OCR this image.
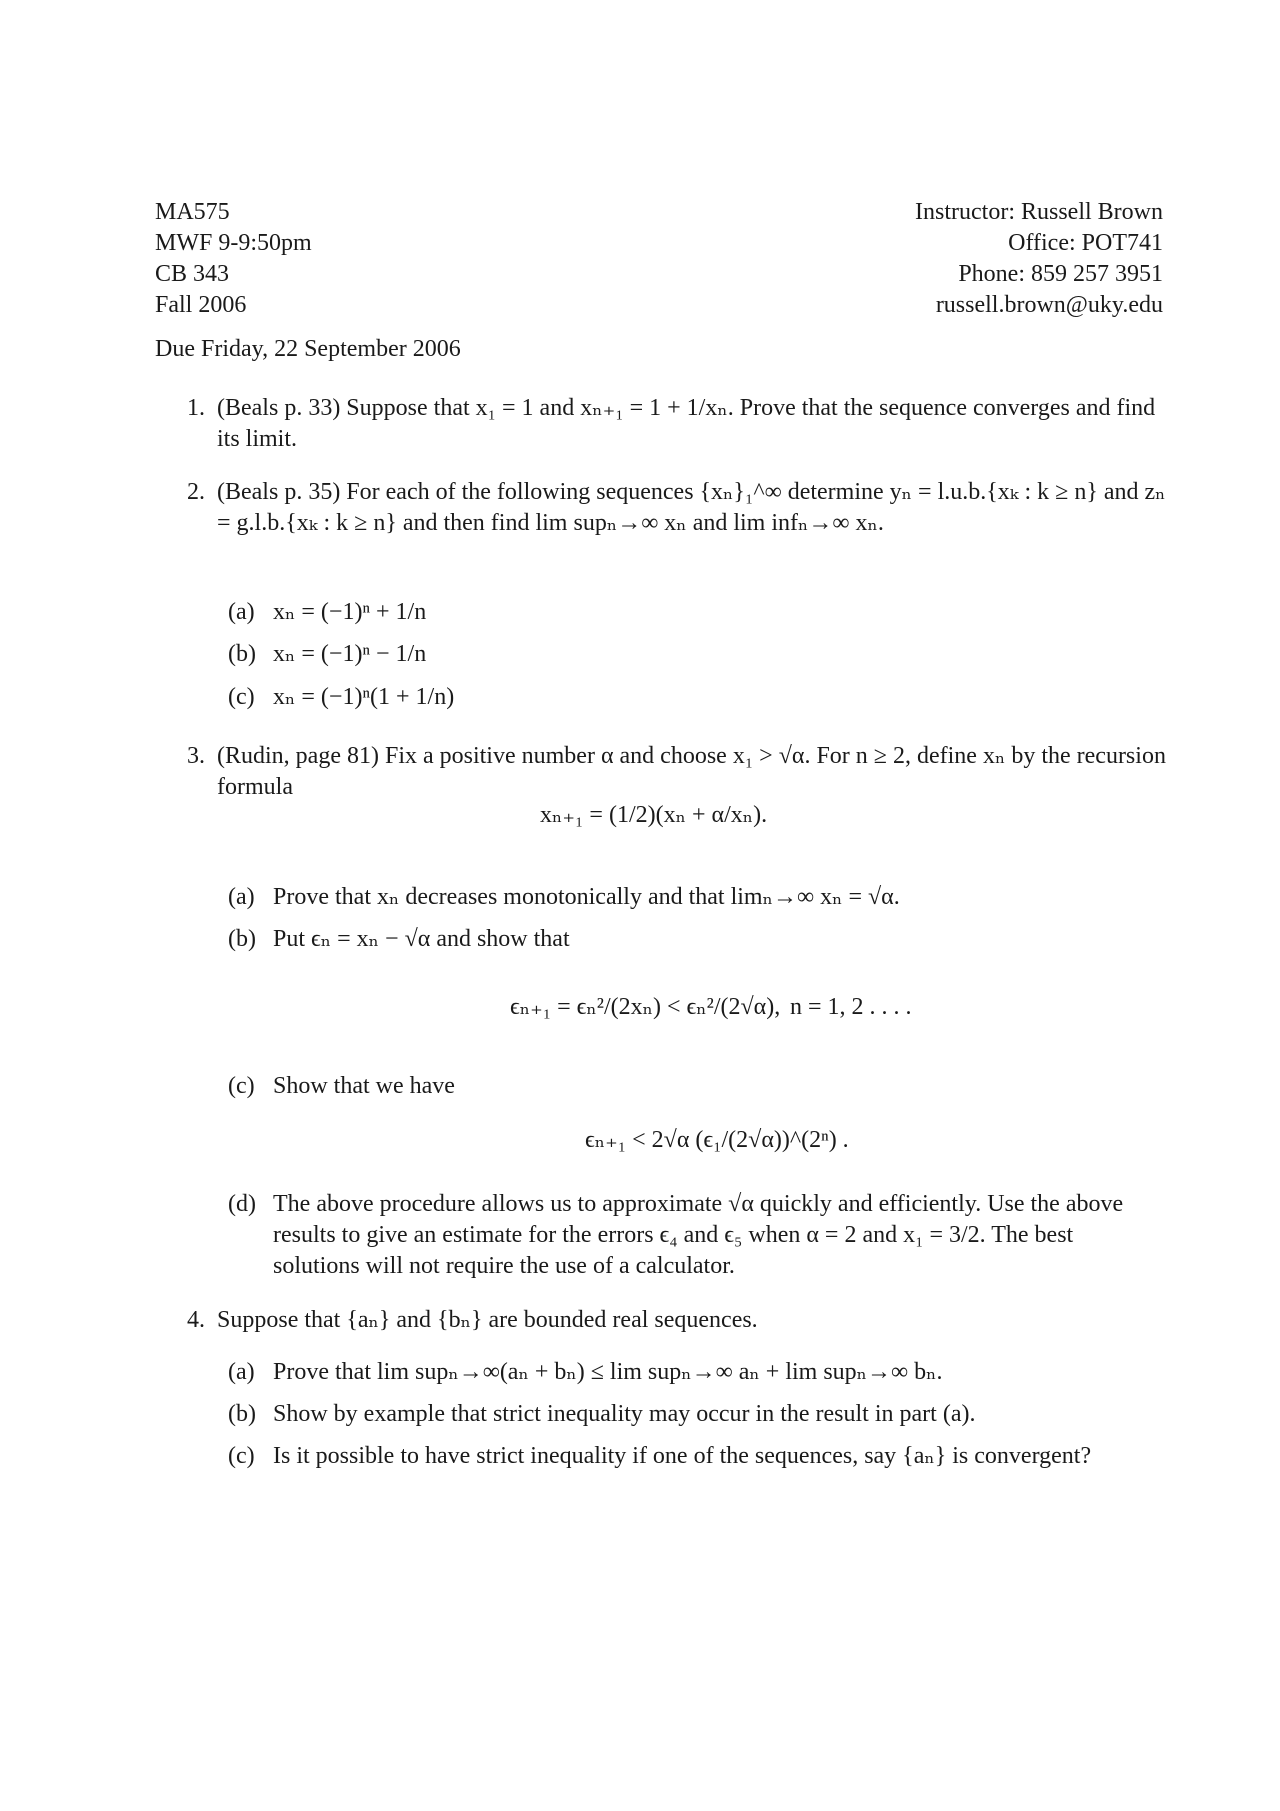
MA575
MWF 9-9:50pm
CB 343
Fall 2006
Instructor: Russell Brown
Office: POT741
Phone: 859 257 3951
russell.brown@uky.edu
Due Friday, 22 September 2006
1. (Beals p. 33) Suppose that x₁ = 1 and xₙ₊₁ = 1 + 1/xₙ. Prove that the sequence converges and find its limit.
2. (Beals p. 35) For each of the following sequences {xₙ}₁^∞ determine yₙ = l.u.b.{xₖ : k ≥ n} and zₙ = g.l.b.{xₖ : k ≥ n} and then find lim supₙ→∞ xₙ and lim infₙ→∞ xₙ.
(a) xₙ = (−1)ⁿ + 1/n
(b) xₙ = (−1)ⁿ − 1/n
(c) xₙ = (−1)ⁿ(1 + 1/n)
3. (Rudin, page 81) Fix a positive number α and choose x₁ > √α. For n ≥ 2, define xₙ by the recursion formula
xₙ₊₁ = (1/2)(xₙ + α/xₙ).
(a) Prove that xₙ decreases monotonically and that limₙ→∞ xₙ = √α.
(b) Put ϵₙ = xₙ − √α and show that
ϵₙ₊₁ = ϵₙ²/(2xₙ) < ϵₙ²/(2√α), n = 1, 2 . . . .
(c) Show that we have
ϵₙ₊₁ < 2√α (ϵ₁/(2√α))^(2ⁿ) .
(d) The above procedure allows us to approximate √α quickly and efficiently. Use the above results to give an estimate for the errors ϵ₄ and ϵ₅ when α = 2 and x₁ = 3/2. The best solutions will not require the use of a calculator.
4. Suppose that {aₙ} and {bₙ} are bounded real sequences.
(a) Prove that lim supₙ→∞(aₙ + bₙ) ≤ lim supₙ→∞ aₙ + lim supₙ→∞ bₙ.
(b) Show by example that strict inequality may occur in the result in part (a).
(c) Is it possible to have strict inequality if one of the sequences, say {aₙ} is convergent?
